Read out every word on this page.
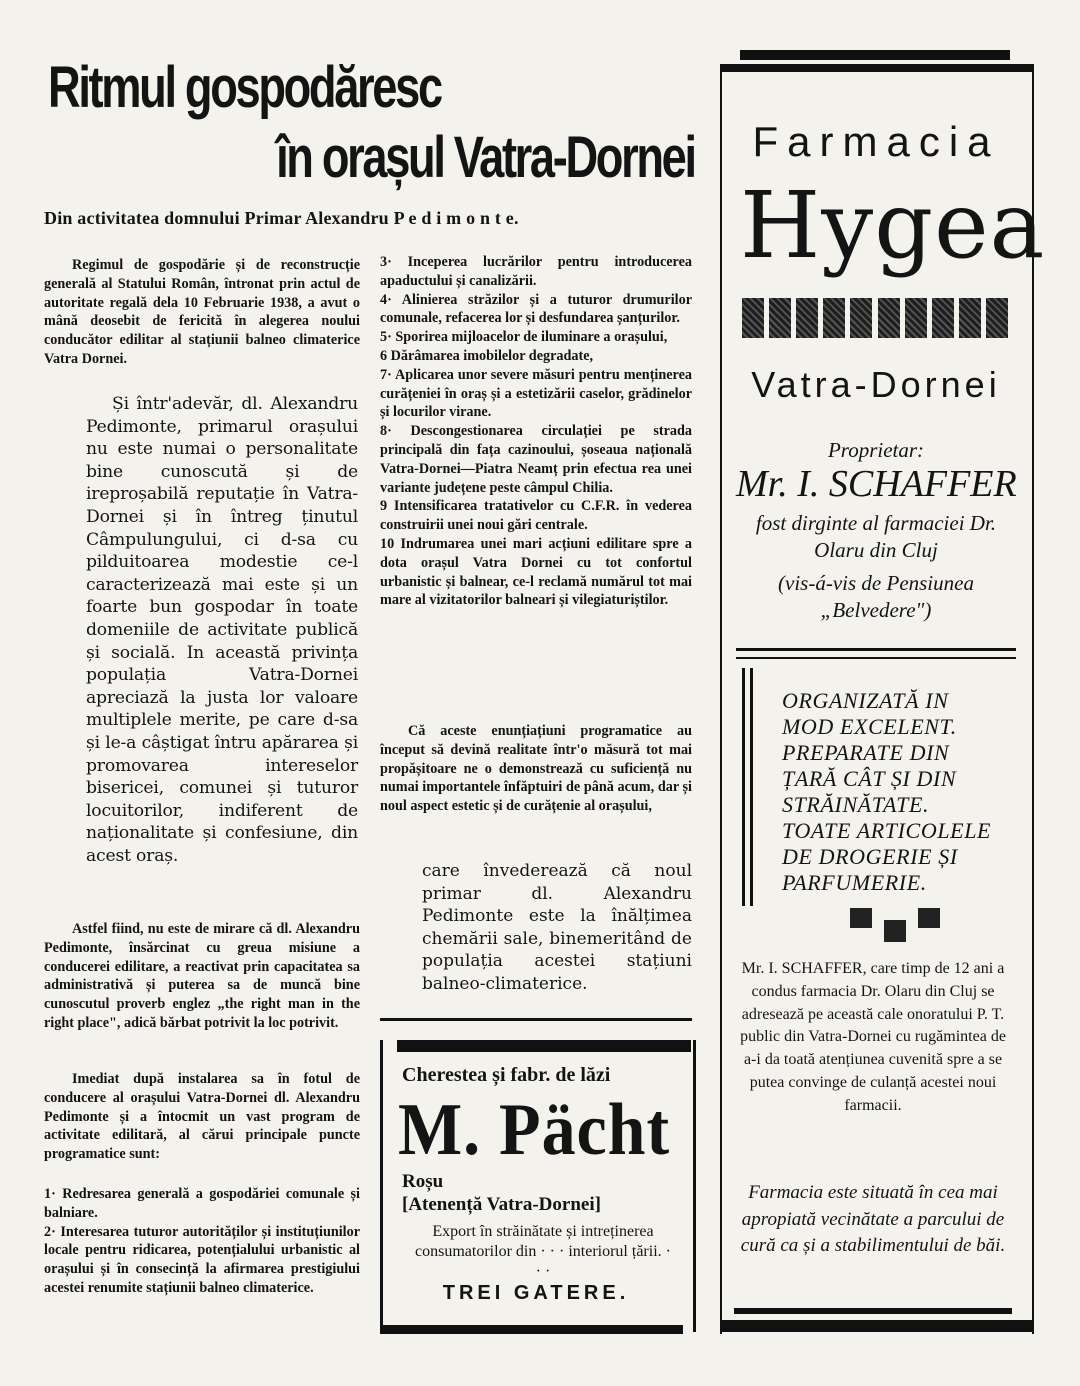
Ritmul gospodăresc
în orașul Vatra-Dornei
Din activitatea domnului Primar Alexandru P e d i m o n t e.
Regimul de gospodărie și de reconstrucție generală al Statului Român, întronat prin actul de autoritate regală dela 10 Februarie 1938, a avut o mână deosebit de fericită în alegerea noului conducător edilitar al stațiunii balneo climaterice Vatra Dornei.
Și într'adevăr, dl. Alexandru Pedimonte, primarul orașului nu este numai o personalitate bine cunoscută și de ireproșabilă reputație în Vatra-Dornei și în întreg ținutul Câmpulungului, ci d-sa cu pilduitoarea modestie ce-l caracterizează mai este și un foarte bun gospodar în toate domeniile de activitate publică și socială. In această privința populația Vatra-Dornei apreciază la justa lor valoare multiplele merite, pe care d-sa și le-a câștigat întru apărarea și promovarea intereselor bisericei, comunei și tuturor locuitorilor, indiferent de naționalitate și confesiune, din acest oraș.
Astfel fiind, nu este de mirare că dl. Alexandru Pedimonte, însărcinat cu greua misiune a conducerei edilitare, a reactivat prin capacitatea sa administrativă și puterea sa de muncă bine cunoscutul proverb englez „the right man in the right place", adică bărbat potrivit la loc potrivit.
Imediat după instalarea sa în fotul de conducere al orașului Vatra-Dornei dl. Alexandru Pedimonte și a întocmit un vast program de activitate edilitară, al cărui principale puncte programatice sunt:

1· Redresarea generală a gospodăriei comunale și balniare.

2· Interesarea tuturor autorităților și instituțiunilor locale pentru ridicarea, potențialului urbanistic al orașului și în consecință la afirmarea prestigiului acestei renumite stațiunii balneo climaterice.

3· Inceperea lucrărilor pentru introducerea apaductului și canalizării.

4· Alinierea străzilor și a tuturor drumurilor comunale, refacerea lor și desfundarea șanțurilor.

5· Sporirea mijloacelor de iluminare a orașului,

6 Dărâmarea imobilelor degradate,

7· Aplicarea unor severe măsuri pentru menținerea curățeniei în oraș și a estetizării caselor, grădinelor și locurilor virane.

8· Descongestionarea circulației pe strada principală din fața cazinoului, șoseaua națională Vatra-Dornei—Piatra Neamț prin efectua rea unei variante județene peste câmpul Chilia.

9 Intensificarea tratativelor cu C.F.R. în vederea construirii unei noui gări centrale.

10 Indrumarea unei mari acțiuni edilitare spre a dota orașul Vatra Dornei cu tot confortul urbanistic și balnear, ce-l reclamă numărul tot mai mare al vizitatorilor balneari și vilegiaturiștilor.

Că aceste enunțiațiuni programatice au început să devină realitate într'o măsură tot mai propășitoare ne o demonstrează cu suficiență nu numai importantele înfăptuiri de până acum, dar și noul aspect estetic și de curățenie al orașului,
care învederează că noul primar dl. Alexandru Pedimonte este la înălțimea chemării sale, binemeritând de populația acestei stațiuni balneo-climaterice.
Cherestea și fabr. de lăzi
M. Pächt
Roșu
[Atenență Vatra-Dornei]
Export în străinătate și intreținerea consumatorilor din · · · interiorul țării. · · ·
TREI GATERE.
Farmacia
Hygea
Vatra-Dornei
Proprietar:
Mr. I. SCHAFFER
fost dirginte al farmaciei Dr. Olaru din Cluj
(vis-á-vis de Pensiunea „Belvedere")
ORGANIZATĂ IN
MOD EXCELENT.
PREPARATE DIN
ȚARĂ CÂT ȘI DIN
STRĂINĂTATE.
TOATE ARTICOLELE
DE DROGERIE ȘI
PARFUMERIE.
Mr. I. SCHAFFER, care timp de 12 ani a condus farmacia Dr. Olaru din Cluj se adresează pe această cale onoratului P. T. public din Vatra-Dornei cu rugămintea de a-i da toată atențiunea cuvenită spre a se putea convinge de culanță acestei noui farmacii.
Farmacia este situată în cea mai apropiată vecinătate a parcului de cură ca și a stabilimentului de băi.
